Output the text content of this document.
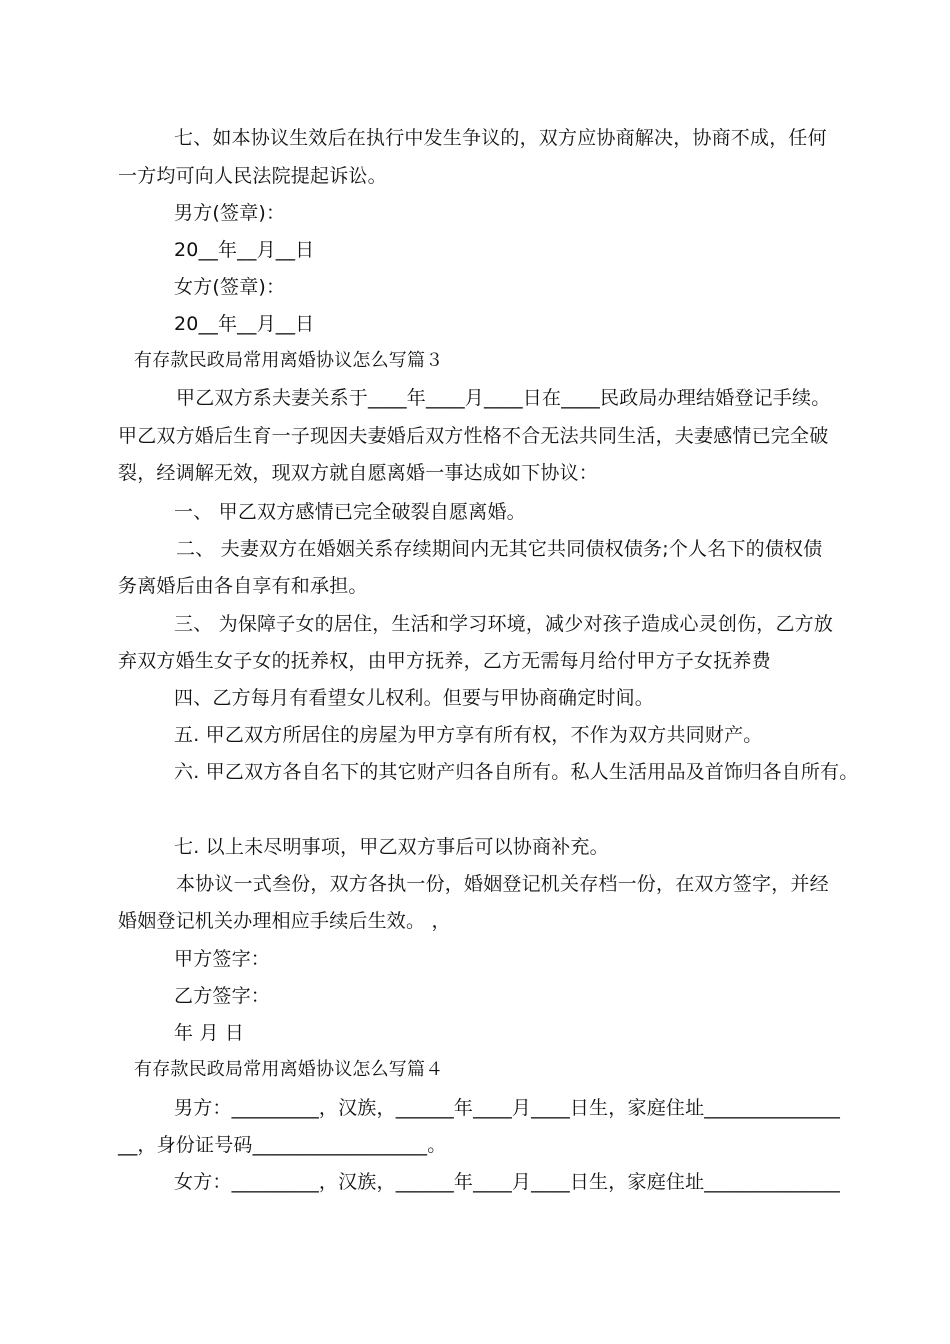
七、如本协议生效后在执行中发生争议的，双方应协商解决，协商不成，任何
一方均可向人民法院提起诉讼。
男方(签章)：
20__年__月__日
女方(签章)：
20__年__月__日
有存款民政局常用离婚协议怎么写篇３
甲乙双方系夫妻关系于____年____月____日在____民政局办理结婚登记手续。
甲乙双方婚后生育一子现因夫妻婚后双方性格不合无法共同生活，夫妻感情已完全破
裂，经调解无效，现双方就自愿离婚一事达成如下协议：
一、 甲乙双方感情已完全破裂自愿离婚。
二、 夫妻双方在婚姻关系存续期间内无其它共同债权债务;个人名下的债权债
务离婚后由各自享有和承担。
三、 为保障子女的居住，生活和学习环境，减少对孩子造成心灵创伤，乙方放
弃双方婚生女子女的抚养权，由甲方抚养，乙方无需每月给付甲方子女抚养费
四、乙方每月有看望女儿权利。但要与甲协商确定时间。
五. 甲乙双方所居住的房屋为甲方享有所有权，不作为双方共同财产。
六. 甲乙双方各自名下的其它财产归各自所有。私人生活用品及首饰归各自所有。
七. 以上未尽明事项，甲乙双方事后可以协商补充。
本协议一式叁份，双方各执一份，婚姻登记机关存档一份，在双方签字，并经
婚姻登记机关办理相应手续后生效。 ，
甲方签字：
乙方签字：
年 月 日
有存款民政局常用离婚协议怎么写篇４
男方：_________，汉族，______年____月____日生，家庭住址______________
__，身份证号码__________________。
女方：_________，汉族，______年____月____日生，家庭住址______________
